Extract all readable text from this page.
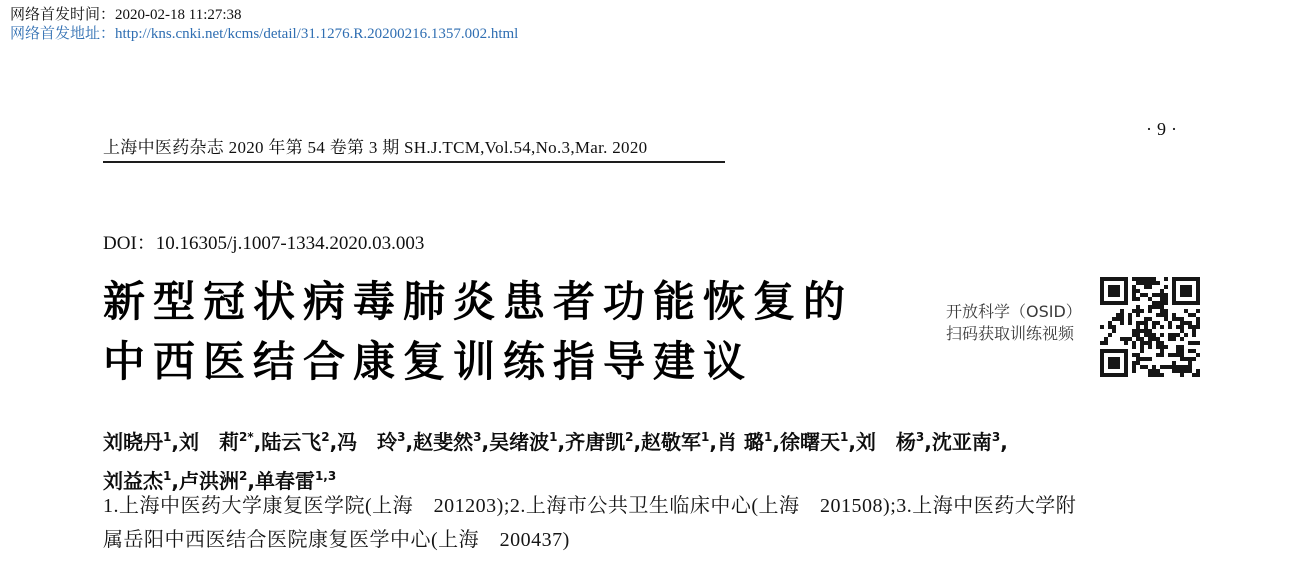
网络首发时间：2020-02-18 11:27:38
网络首发地址：http://kns.cnki.net/kcms/detail/31.1276.R.20200216.1357.002.html
上海中医药杂志 2020 年第 54 卷第 3 期 SH.J.TCM,Vol.54,No.3,Mar. 2020
·9·
DOI：10.16305/j.1007-1334.2020.03.003
新型冠状病毒肺炎患者功能恢复的
中西医结合康复训练指导建议
开放科学（OSID）
扫码获取训练视频
刘晓丹$^1$,刘　莉$^{2*}$,陆云飞$^2$,冯　玲$^3$,赵斐然$^3$,吴绪波$^1$,齐唐凯$^2$,赵敬军$^1$,肖 璐$^1$,徐曙天$^1$,刘　杨$^3$,沈亚南$^3$,
刘益杰$^1$,卢洪洲$^2$,单春雷$^{1,3}$
1.上海中医药大学康复医学院(上海　201203);2.上海市公共卫生临床中心(上海　201508);3.上海中医药大学附
属岳阳中西医结合医院康复医学中心(上海　200437)
